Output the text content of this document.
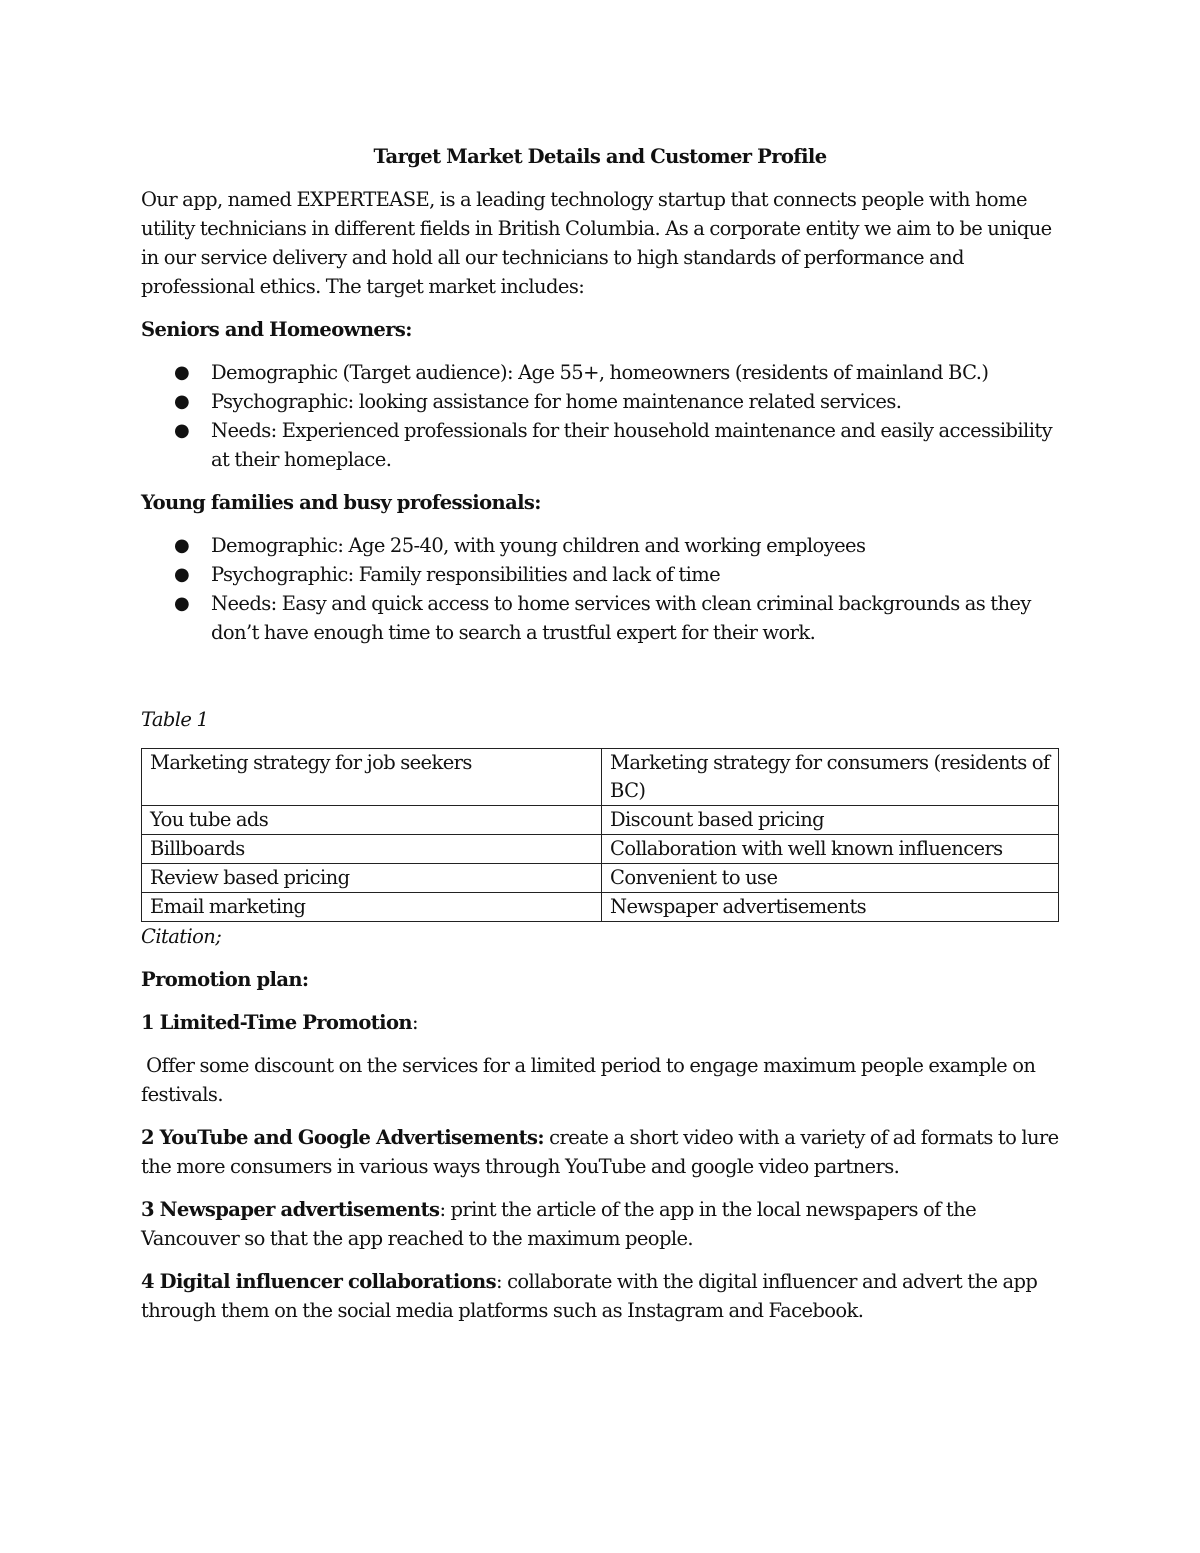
Target Market Details and Customer Profile

Our app, named EXPERTEASE, is a leading technology startup that connects people with home utility technicians in different fields in British Columbia. As a corporate entity we aim to be unique in our service delivery and hold all our technicians to high standards of performance and professional ethics. The target market includes:

Seniors and Homeowners:
● Demographic (Target audience): Age 55+, homeowners (residents of mainland BC.)
● Psychographic: looking assistance for home maintenance related services.
● Needs: Experienced professionals for their household maintenance and easily accessibility at their homeplace.
Young families and busy professionals:
● Demographic: Age 25-40, with young children and working employees
● Psychographic: Family responsibilities and lack of time
● Needs: Easy and quick access to home services with clean criminal backgrounds as they don’t have enough time to search a trustful expert for their work.
Table 1
Marketing strategy for job seekers	Marketing strategy for consumers (residents of BC)
You tube ads	Discount based pricing
Billboards	Collaboration with well known influencers
Review based pricing	Convenient to use
Email marketing	Newspaper advertisements
Citation;
Promotion plan:

1 Limited-Time Promotion:

Offer some discount on the services for a limited period to engage maximum people example on festivals.

2 YouTube and Google Advertisements: create a short video with a variety of ad formats to lure the more consumers in various ways through YouTube and google video partners.

3 Newspaper advertisements: print the article of the app in the local newspapers of the Vancouver so that the app reached to the maximum people.

4 Digital influencer collaborations: collaborate with the digital influencer and advert the app through them on the social media platforms such as Instagram and Facebook.
